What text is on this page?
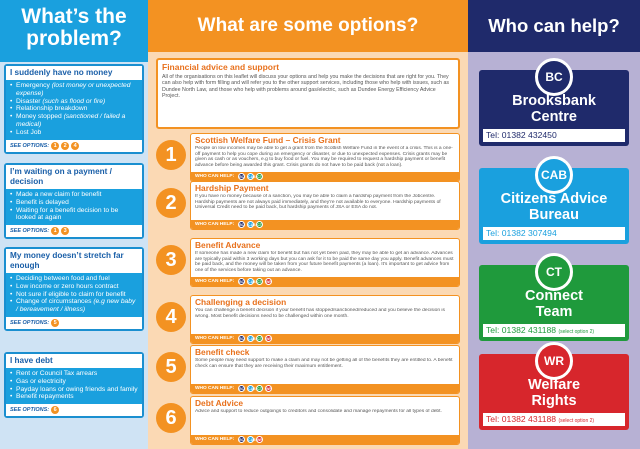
What’s the
problem?
I suddenly have no money
• Emergency (lost money or unexpected expense)
• Disaster (such as flood or fire)
• Relationship breakdown
• Money stopped (sanctioned / failed a medical)
• Lost Job
SEE OPTIONS: 1	2	4
I’m waiting on a payment / decision
• Made a new claim for benefit
• Benefit is delayed
• Waiting for a benefit decision to be looked at again
SEE OPTIONS: 1	3
My money doesn’t stretch far enough
• Deciding between food and fuel
• Low income or zero hours contract
• Not sure if eligible to claim for benefit
• Change of circumstances (e.g new baby / bereavement / illness)
SEE OPTIONS: 5
I have debt
• Rent or Council Tax arrears
• Gas or electricity
• Payday loans or owing friends and family
• Benefit repayments
SEE OPTIONS: 6
What are some options?
Financial advice and support
All of the organisations on this leaflet will discuss your options and help you make the decisions that are right for you. They can also help with form filling and will refer you to the other support services, including those who help with issues, such as Dundee North Law, and those who help with problems around gas/electric, such as Dundee Energy Efficiency Advice Project.
1
Scottish Welfare Fund – Crisis Grant
People on low incomes may be able to get a grant from the Scottish Welfare Fund in the event of a crisis. This is a one-off payment to help you cope during an emergency or disaster, or due to unexpected expenses. Crisis grants may be given as cash or as vouchers, e.g to buy food or fuel. You may be required to request a hardship payment or benefit advance before being awarded this grant. Crisis grants do not have to be paid back (not a loan).
WHO CAN HELP:	BC	CAB CT
2
Hardship Payment
If you have no money because of a sanction, you may be able to claim a hardship payment from the Jobcentre. Hardship payments are not always paid immediately, and they’re not available to everyone. Hardship payments of Universal Credit need to be paid back, but hardship payments of JSA or ESA do not.
WHO CAN HELP:	BC	CAB CT
3
Benefit Advance
If someone has made a new claim for benefit but has not yet been paid, they may be able to get an advance. Advances are typically paid within 3 working days but you can ask for it to be paid the same day you apply. Benefit advances must be paid back, and the money will be taken from your future benefit payments (a loan). It’s important to get advice from one of the services before taking out an advance.
WHO CAN HELP:	BC	CAB CT	WR
4
Challenging a decision
You can challenge a benefit decision if your benefit has stopped/sanctioned/reduced and you believe the decision is wrong. Most benefit decisions need to be challenged within one month.
WHO CAN HELP:	BC	CAB CT	WR
5
Benefit check
Some people may need support to make a claim and may not be getting all of the benefits they are entitled to. A benefit check can ensure that they are receiving their maximum entitlement.
WHO CAN HELP:	BC	CAB CT	WR
6
Debt Advice
Advice and support to reduce outgoings to creditors and consolidate and manage repayments for all types of debt.
WHO CAN HELP:	BC	CAB WR
Who can help?
BC
Brooksbank
Centre
Tel: 01382 432450
CAB
Citizens Advice
Bureau
Tel: 01382 307494
CT
Connect
Team
Tel: 01382 431188 (select option 2)
WR
Welfare
Rights
Tel: 01382 431188 (select option 2)
